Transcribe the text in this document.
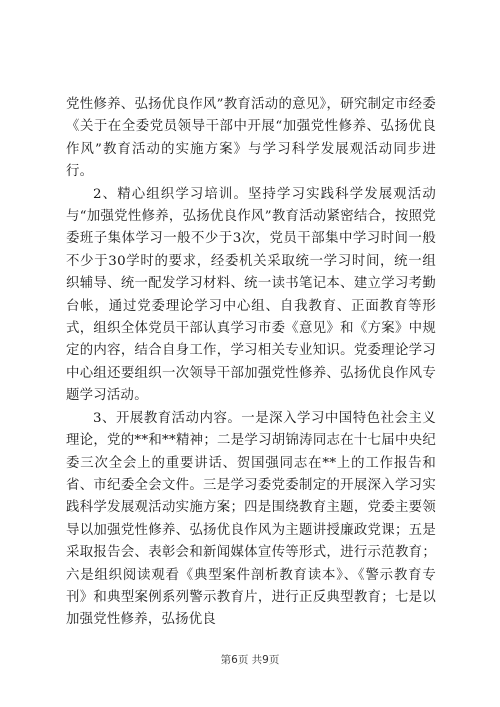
党性修养、弘扬优良作风”教育活动的意见》，研究制定市经委《关于在全委党员领导干部中开展“加强党性修养、弘扬优良作风”教育活动的实施方案》与学习科学发展观活动同步进行。

2、精心组织学习培训。坚持学习实践科学发展观活动与“加强党性修养，弘扬优良作风”教育活动紧密结合，按照党委班子集体学习一般不少于3次，党员干部集中学习时间一般不少于30学时的要求，经委机关采取统一学习时间，统一组织辅导、统一配发学习材料、统一读书笔记本、建立学习考勤台帐，通过党委理论学习中心组、自我教育、正面教育等形式，组织全体党员干部认真学习市委《意见》和《方案》中规定的内容，结合自身工作，学习相关专业知识。党委理论学习中心组还要组织一次领导干部加强党性修养、弘扬优良作风专题学习活动。

3、开展教育活动内容。一是深入学习中国特色社会主义理论，党的**和**精神；二是学习胡锦涛同志在十七届中央纪委三次全会上的重要讲话、贺国强同志在**上的工作报告和省、市纪委全会文件。三是学习委党委制定的开展深入学习实践科学发展观活动实施方案；四是围绕教育主题，党委主要领导以加强党性修养、弘扬优良作风为主题讲授廉政党课；五是采取报告会、表彰会和新闻媒体宣传等形式，进行示范教育；六是组织阅读观看《典型案件剖析教育读本》、《警示教育专刊》和典型案例系列警示教育片，进行正反典型教育；七是以加强党性修养，弘扬优良

第6页 共9页
